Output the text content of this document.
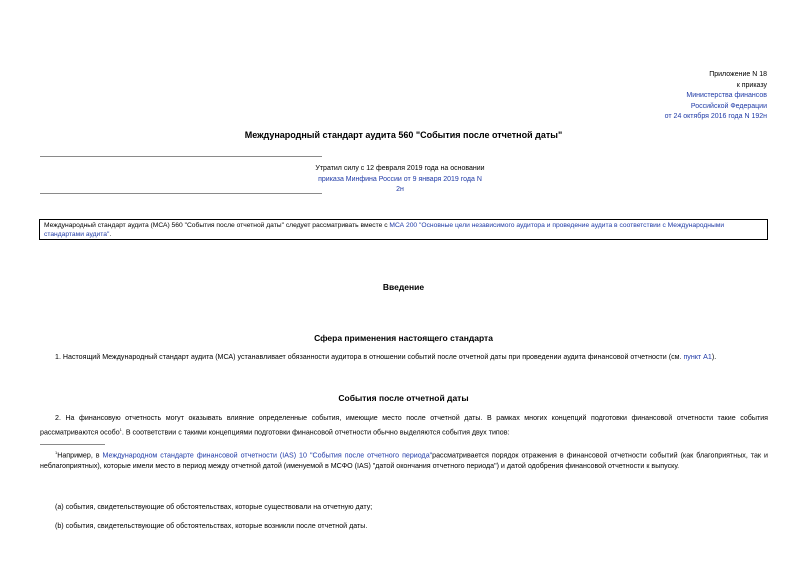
Приложение N 18
к приказу
Министерства финансов
Российской Федерации
от 24 октября 2016 года N 192н
Международный стандарт аудита 560 "События после отчетной даты"
Утратил силу с 12 февраля 2019 года на основании
приказа Минфина России от 9 января 2019 года N 2н
Международный стандарт аудита (МСА) 560 "События после отчетной даты" следует рассматривать вместе с МСА 200 "Основные цели независимого аудитора и проведение аудита в соответствии с Международными стандартами аудита".
Введение
Сфера применения настоящего стандарта
1. Настоящий Международный стандарт аудита (МСА) устанавливает обязанности аудитора в отношении событий после отчетной даты при проведении аудита финансовой отчетности (см. пункт A1).
События после отчетной даты
2. На финансовую отчетность могут оказывать влияние определенные события, имеющие место после отчетной даты. В рамках многих концепций подготовки финансовой отчетности такие события рассматриваются особо$^1$. В соответствии с такими концепциями подготовки финансовой отчетности обычно выделяются события двух типов:
$^1$Например, в Международном стандарте финансовой отчетности (IAS) 10 "События после отчетного периода"рассматривается порядок отражения в финансовой отчетности событий (как благоприятных, так и неблагоприятных), которые имели место в период между отчетной датой (именуемой в МСФО (IAS) "датой окончания отчетного периода") и датой одобрения финансовой отчетности к выпуску.
(a) события, свидетельствующие об обстоятельствах, которые существовали на отчетную дату;
(b) события, свидетельствующие об обстоятельствах, которые возникли после отчетной даты.
